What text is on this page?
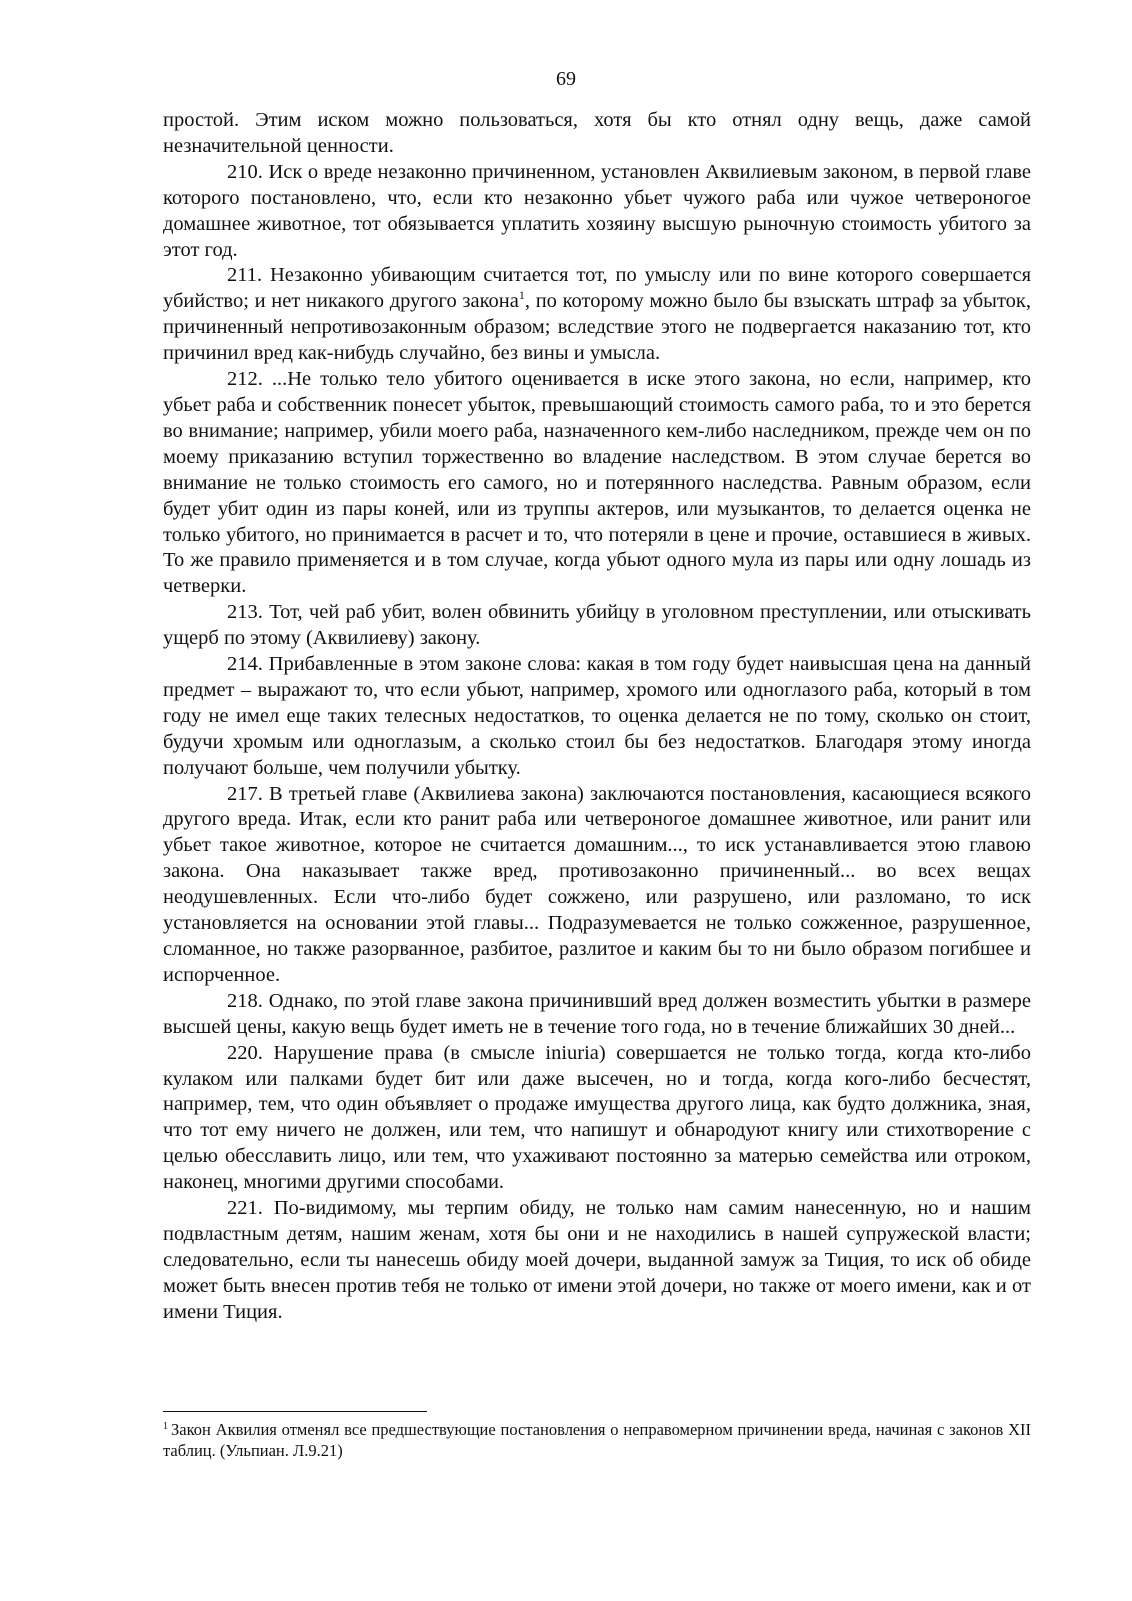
69

простой. Этим иском можно пользоваться, хотя бы кто отнял одну вещь, даже самой незначительной ценности.

210. Иск о вреде незаконно причиненном, установлен Аквилиевым законом, в первой главе которого постановлено, что, если кто незаконно убьет чужого раба или чужое четвероногое домашнее животное, тот обязывается уплатить хозяину высшую рыночную стоимость убитого за этот год.

211. Незаконно убивающим считается тот, по умыслу или по вине которого совершается убийство; и нет никакого другого закона$^1$, по которому можно было бы взыскать штраф за убыток, причиненный непротивозаконным образом; вследствие этого не подвергается наказанию тот, кто причинил вред как-нибудь случайно, без вины и умысла.

212. ...Не только тело убитого оценивается в иске этого закона, но если, например, кто убьет раба и собственник понесет убыток, превышающий стоимость самого раба, то и это берется во внимание; например, убили моего раба, назначенного кем-либо наследником, прежде чем он по моему приказанию вступил торжественно во владение наследством. В этом случае берется во внимание не только стоимость его самого, но и потерянного наследства. Равным образом, если будет убит один из пары коней, или из труппы актеров, или музыкантов, то делается оценка не только убитого, но принимается в расчет и то, что потеряли в цене и прочие, оставшиеся в живых. То же правило применяется и в том случае, когда убьют одного мула из пары или одну лошадь из четверки.

213. Тот, чей раб убит, волен обвинить убийцу в уголовном преступлении, или отыскивать ущерб по этому (Аквилиеву) закону.

214. Прибавленные в этом законе слова: какая в том году будет наивысшая цена на данный предмет – выражают то, что если убьют, например, хромого или одноглазого раба, который в том году не имел еще таких телесных недостатков, то оценка делается не по тому, сколько он стоит, будучи хромым или одноглазым, а сколько стоил бы без недостатков. Благодаря этому иногда получают больше, чем получили убытку.

217. В третьей главе (Аквилиева закона) заключаются постановления, касающиеся всякого другого вреда. Итак, если кто ранит раба или четвероногое домашнее животное, или ранит или убьет такое животное, которое не считается домашним..., то иск устанавливается этою главою закона. Она наказывает также вред, противозаконно причиненный... во всех вещах неодушевленных. Если что-либо будет сожжено, или разрушено, или разломано, то иск установляется на основании этой главы... Подразумевается не только сожженное, разрушенное, сломанное, но также разорванное, разбитое, разлитое и каким бы то ни было образом погибшее и испорченное.

218. Однако, по этой главе закона причинивший вред должен возместить убытки в размере высшей цены, какую вещь будет иметь не в течение того года, но в течение ближайших 30 дней...

220. Нарушение права (в смысле iniuria) совершается не только тогда, когда кто-либо кулаком или палками будет бит или даже высечен, но и тогда, когда кого-либо бесчестят, например, тем, что один объявляет о продаже имущества другого лица, как будто должника, зная, что тот ему ничего не должен, или тем, что напишут и обнародуют книгу или стихотворение с целью обесславить лицо, или тем, что ухаживают постоянно за матерью семейства или отроком, наконец, многими другими способами.

221. По-видимому, мы терпим обиду, не только нам самим нанесенную, но и нашим подвластным детям, нашим женам, хотя бы они и не находились в нашей супружеской власти; следовательно, если ты нанесешь обиду моей дочери, выданной замуж за Тиция, то иск об обиде может быть внесен против тебя не только от имени этой дочери, но также от моего имени, как и от имени Тиция.

$^1$ Закон Аквилия отменял все предшествующие постановления о неправомерном причинении вреда, начиная с законов XII таблиц. (Ульпиан. Л.9.21)
